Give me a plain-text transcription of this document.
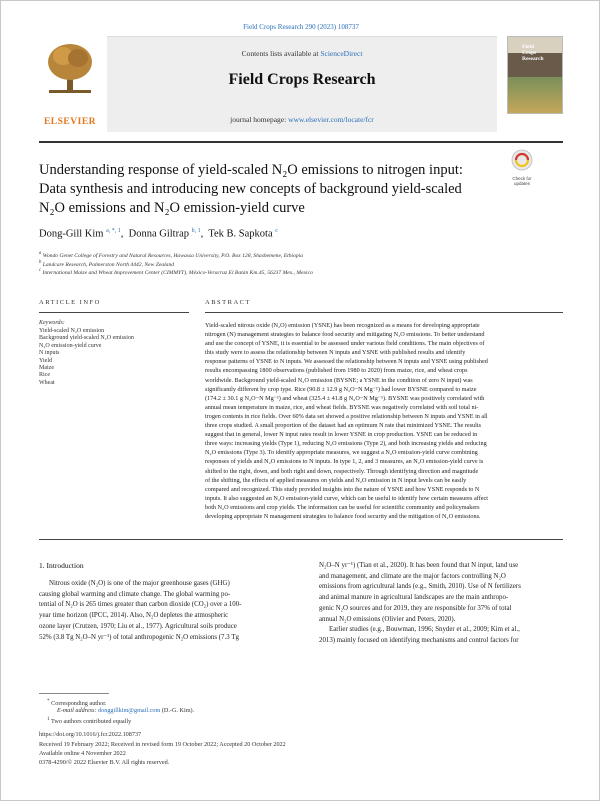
Field Crops Research 290 (2023) 108737
ELSEVIER
Contents lists available at ScienceDirect
Field Crops Research
journal homepage: www.elsevier.com/locate/fcr
Field
Crops
Research
Understanding response of yield-scaled N₂O emissions to nitrogen input:
Data synthesis and introducing new concepts of background yield-scaled
N₂O emissions and N₂O emission-yield curve
Check for
updates
Dong-Gill Kim $^{a, *, 1}$,  Donna Giltrap $^{b, 1}$,  Tek B. Sapkota $^c$
$^a$ Wondo Genet College of Forestry and Natural Resources, Hawassa University, P.O. Box 128, Shashemene, Ethiopia
$^b$ Landcare Research, Palmerston North 4442, New Zealand
$^c$ International Maize and Wheat Improvement Center (CIMMYT), México-Veracruz El Batán Km.45, 56237 Mex., Mexico
ARTICLE INFO	ABSTRACT
Keywords:
Yield-scaled N₂O emission
Background yield-scaled N₂O emission
N₂O emission-yield curve
N inputs
Yield
Maize
Rice
Wheat
Yield-scaled nitrous oxide (N₂O) emission (YSNE) has been recognized as a means for developing appropriate
nitrogen (N) management strategies to balance food security and mitigating N₂O emissions. To better understand
and use the concept of YSNE, it is essential to be assessed under various field conditions. The main objectives of
this study were to assess the relationship between N inputs and YSNE with published results and identify
response patterns of YSNE to N inputs. We assessed the relationship between N inputs and YSNE using published
results encompassing 1800 observations (published from 1980 to 2020) from maize, rice, and wheat crops
worldwide. Background yield-scaled N₂O emission (BYSNE; a YSNE in the condition of zero N input) was
significantly different by crop type. Rice (90.8 ± 12.9 g N₂O−N Mg⁻¹) had lower BYSNE compared to maize
(174.2 ± 30.1 g N₂O−N Mg⁻¹) and wheat (325.4 ± 41.8 g N₂O−N Mg⁻¹). BYSNE was positively correlated with
annual mean temperature in maize, rice, and wheat fields. BYSNE was negatively correlated with soil total ni-
trogen contents in rice fields. Over 60% data set showed a positive relationship between N inputs and YSNE in all
three crops studied. A small proportion of the dataset had an optimum N rate that minimized YSNE. The results
suggest that in general, lower N input rates result in lower YSNE in crop production. YSNE can be reduced in
three ways: increasing yields (Type 1), reducing N₂O emissions (Type 2), and both increasing yields and reducing
N₂O emissions (Type 3). To identify appropriate measures, we suggest a N₂O emission-yield curve combining
responses of yields and N₂O emissions to N inputs. In type 1, 2, and 3 measures, an N₂O emission-yield curve is
shifted to the right, down, and both right and down, respectively. Through identifying direction and magnitude
of the shifting, the effects of applied measures on yields and N₂O emission in N input levels can be easily
compared and recognized. This study provided insights into the nature of YSNE and how YSNE responds to N
inputs. It also suggested an N₂O emission-yield curve, which can be useful to identify how certain measures affect
both N₂O emissions and crop yields. The information can be useful for scientific community and policymakers
developing appropriate N management strategies to balance food security and the mitigation of N₂O emissions.
1. Introduction
Nitrous oxide (N₂O) is one of the major greenhouse gases (GHG)
causing global warming and climate change. The global warming po-
tential of N₂O is 265 times greater than carbon dioxide (CO₂) over a 100-
year time horizon (IPCC, 2014). Also, N₂O depletes the atmospheric
ozone layer (Crutzen, 1970; Liu et al., 1977). Agricultural soils produce
52% (3.8 Tg N₂O–N yr⁻¹) of total anthropogenic N₂O emissions (7.3 Tg
N₂O–N yr⁻¹) (Tian et al., 2020). It has been found that N input, land use
and management, and climate are the major factors controlling N₂O
emissions from agricultural lands (e.g., Smith, 2010). Use of N fertilizers
and animal manure in agricultural landscapes are the main anthropo-
genic N₂O sources and for 2019, they are responsible for 37% of total
annual N₂O emissions (Olivier and Peters, 2020).
Earlier studies (e.g., Bouwman, 1996; Snyder et al., 2009; Kim et al.,
2013) mainly focused on identifying mechanisms and control factors for
* Corresponding author.
E-mail address: donggillkim@gmail.com (D.-G. Kim).
$^1$ Two authors contributed equally
https://doi.org/10.1016/j.fcr.2022.108737
Received 19 February 2022; Received in revised form 19 October 2022; Accepted 20 October 2022
Available online 4 November 2022
0378-4290/© 2022 Elsevier B.V. All rights reserved.
